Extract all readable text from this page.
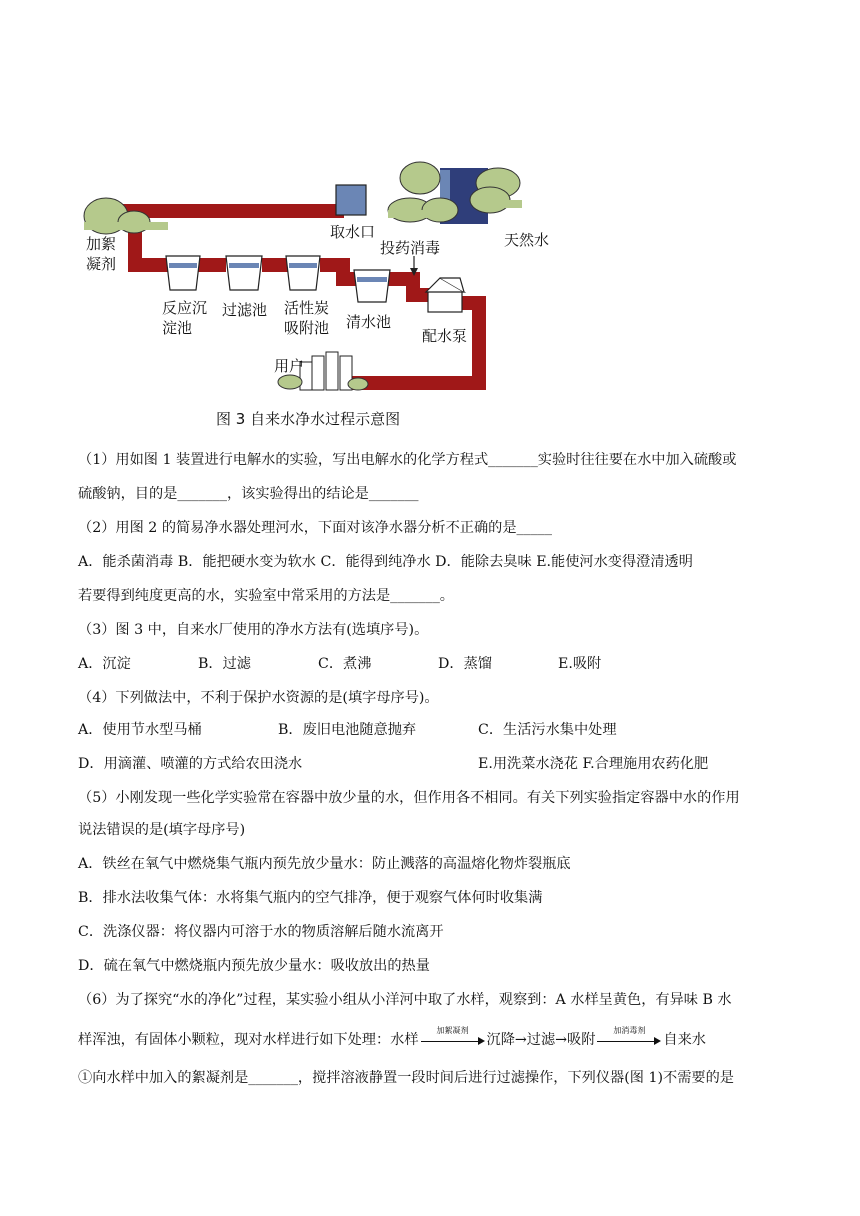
取水口	天然水
加絮
凝剂
投药消毒
反应沉
淀池
过滤池 活性炭
吸附池 清水池
配水泵
用户
图 3 自来水净水过程示意图
（1）用如图 1 装置进行电解水的实验，写出电解水的化学方程式_______实验时往往要在水中加入硫酸或
硫酸钠，目的是_______，该实验得出的结论是_______
（2）用图 2 的简易净水器处理河水，下面对该净水器分析不正确的是_____
A．能杀菌消毒 B．能把硬水变为软水 C．能得到纯净水 D．能除去臭味 E.能使河水变得澄清透明
若要得到纯度更高的水，实验室中常采用的方法是_______。
（3）图 3 中，自来水厂使用的净水方法有(选填序号)。
A．沉淀	B．过滤	C．煮沸	D．蒸馏	E.吸附
（4）下列做法中，不利于保护水资源的是(填字母序号)。
A．使用节水型马桶	B．废旧电池随意抛弃	C．生活污水集中处理
D．用滴灌、喷灌的方式给农田浇水	E.用洗菜水浇花 F.合理施用农药化肥
（5）小刚发现一些化学实验常在容器中放少量的水，但作用各不相同。有关下列实验指定容器中水的作用
说法错误的是(填字母序号)
A．铁丝在氧气中燃烧集气瓶内预先放少量水：防止溅落的高温熔化物炸裂瓶底
B．排水法收集气体：水将集气瓶内的空气排净，便于观察气体何时收集满
C．洗涤仪器：将仪器内可溶于水的物质溶解后随水流离开
D．硫在氧气中燃烧瓶内预先放少量水：吸收放出的热量
（6）为了探究“水的净化”过程，某实验小组从小洋河中取了水样，观察到：A 水样呈黄色，有异味 B 水
样浑浊，有固体小颗粒，现对水样进行如下处理：水样
加絮凝剂
沉降→过滤→吸附
加消毒剂
自来水
①向水样中加入的絮凝剂是_______，搅拌溶液静置一段时间后进行过滤操作，下列仪器(图 1)不需要的是
